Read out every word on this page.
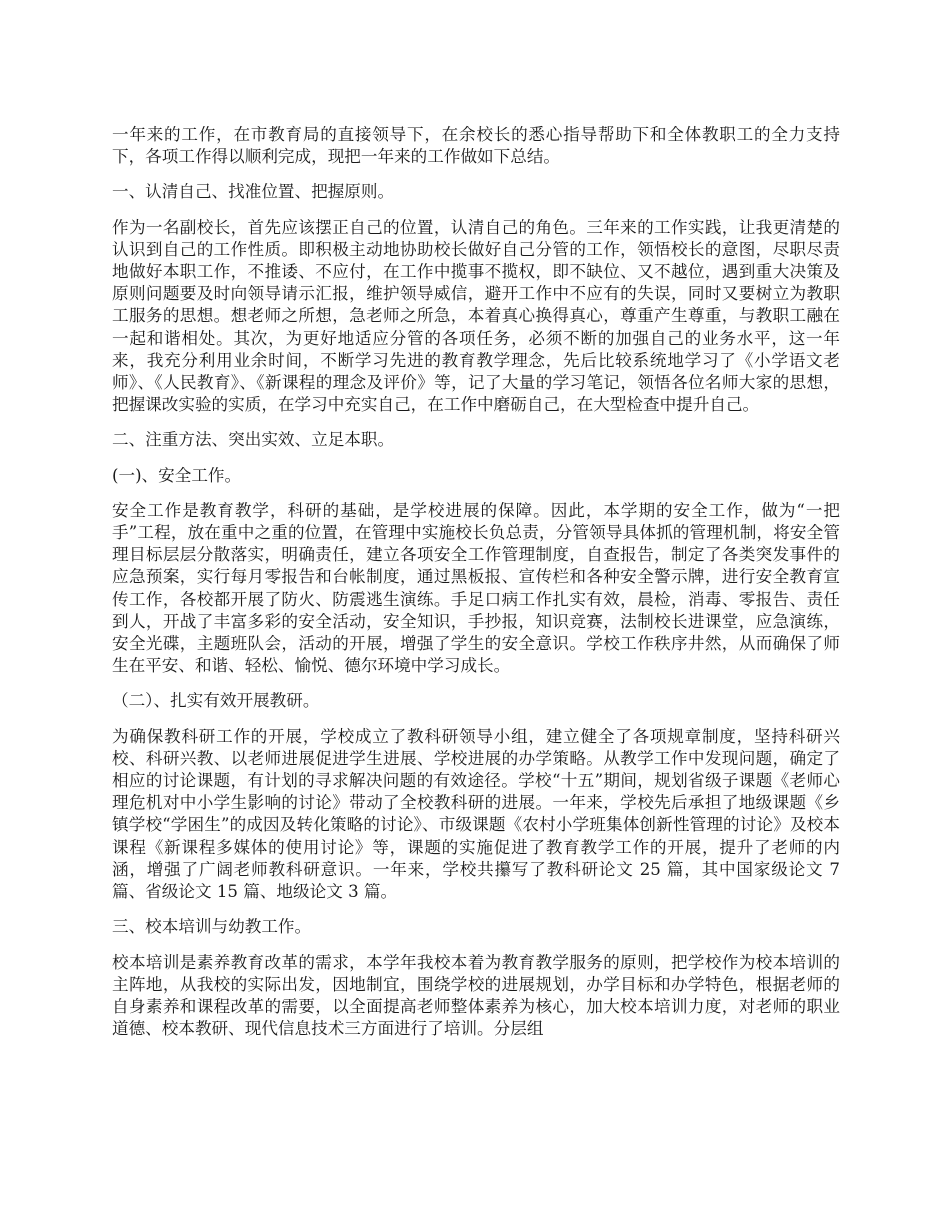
一年来的工作，在市教育局的直接领导下，在余校长的悉心指导帮助下和全体教职工的全力支持下，各项工作得以顺利完成，现把一年来的工作做如下总结。

一、认清自己、找准位置、把握原则。

作为一名副校长，首先应该摆正自己的位置，认清自己的角色。三年来的工作实践，让我更清楚的认识到自己的工作性质。即积极主动地协助校长做好自己分管的工作，领悟校长的意图，尽职尽责地做好本职工作，不推诿、不应付，在工作中揽事不揽权，即不缺位、又不越位，遇到重大决策及原则问题要及时向领导请示汇报，维护领导威信，避开工作中不应有的失误，同时又要树立为教职工服务的思想。想老师之所想，急老师之所急，本着真心换得真心，尊重产生尊重，与教职工融在一起和谐相处。其次，为更好地适应分管的各项任务，必须不断的加强自己的业务水平，这一年来，我充分利用业余时间，不断学习先进的教育教学理念，先后比较系统地学习了《小学语文老师》、《人民教育》、《新课程的理念及评价》等，记了大量的学习笔记，领悟各位名师大家的思想，把握课改实验的实质，在学习中充实自己，在工作中磨砺自己，在大型检查中提升自己。

二、注重方法、突出实效、立足本职。

(一)、安全工作。

安全工作是教育教学，科研的基础，是学校进展的保障。因此，本学期的安全工作，做为“一把手”工程，放在重中之重的位置，在管理中实施校长负总责，分管领导具体抓的管理机制，将安全管理目标层层分散落实，明确责任，建立各项安全工作管理制度，自查报告，制定了各类突发事件的应急预案，实行每月零报告和台帐制度，通过黑板报、宣传栏和各种安全警示牌，进行安全教育宣传工作，各校都开展了防火、防震逃生演练。手足口病工作扎实有效，晨检，消毒、零报告、责任到人，开战了丰富多彩的安全活动，安全知识，手抄报，知识竞赛，法制校长进课堂，应急演练，安全光碟，主题班队会，活动的开展，增强了学生的安全意识。学校工作秩序井然，从而确保了师生在平安、和谐、轻松、愉悦、德尔环境中学习成长。

（二）、扎实有效开展教研。

为确保教科研工作的开展，学校成立了教科研领导小组，建立健全了各项规章制度，坚持科研兴校、科研兴教、以老师进展促进学生进展、学校进展的办学策略。从教学工作中发现问题，确定了相应的讨论课题，有计划的寻求解决问题的有效途径。学校“十五”期间，规划省级子课题《老师心理危机对中小学生影响的讨论》带动了全校教科研的进展。一年来，学校先后承担了地级课题《乡镇学校“学困生”的成因及转化策略的讨论》、市级课题《农村小学班集体创新性管理的讨论》及校本课程《新课程多媒体的使用讨论》等，课题的实施促进了教育教学工作的开展，提升了老师的内涵，增强了广阔老师教科研意识。一年来，学校共攥写了教科研论文 25 篇，其中国家级论文 7 篇、省级论文 15 篇、地级论文 3 篇。

三、校本培训与幼教工作。

校本培训是素养教育改革的需求，本学年我校本着为教育教学服务的原则，把学校作为校本培训的主阵地，从我校的实际出发，因地制宜，围绕学校的进展规划，办学目标和办学特色，根据老师的自身素养和课程改革的需要，以全面提高老师整体素养为核心，加大校本培训力度，对老师的职业道德、校本教研、现代信息技术三方面进行了培训。分层组
